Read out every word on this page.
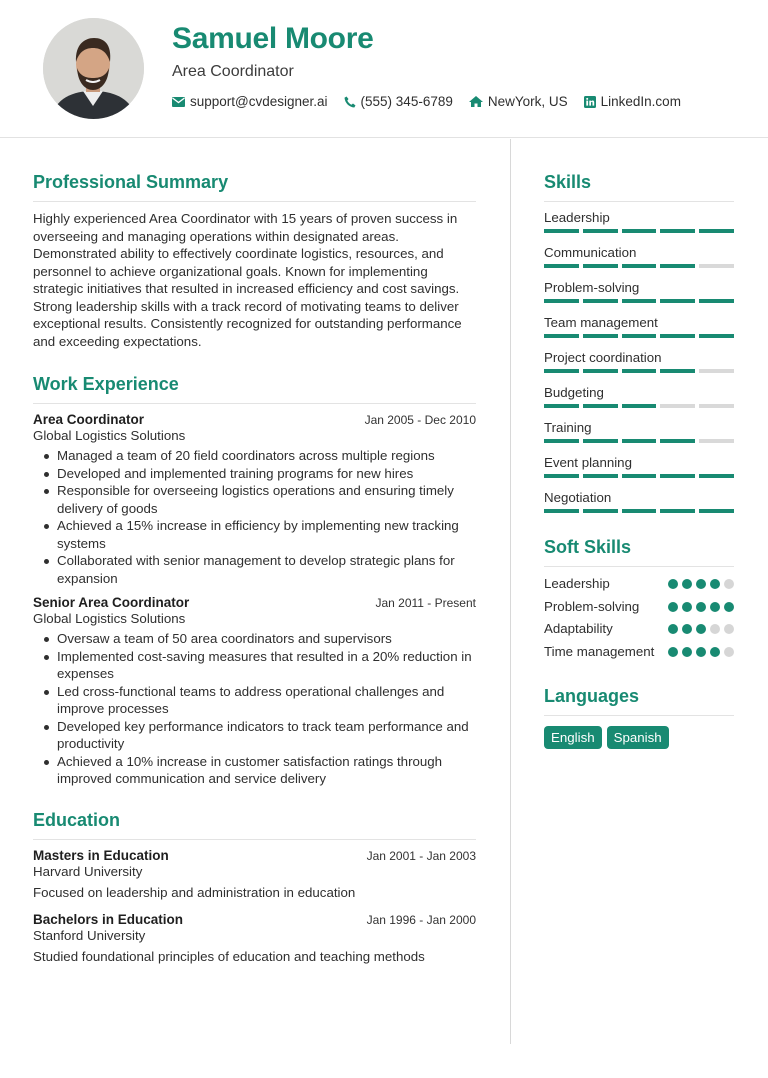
Samuel Moore
Area Coordinator
support@cvdesigner.ai (555) 345-6789	NewYork, US LinkedIn.com
Professional Summary

Highly experienced Area Coordinator with 15 years of proven success in overseeing and managing operations within designated areas. Demonstrated ability to effectively coordinate logistics, resources, and personnel to achieve organizational goals. Known for implementing strategic initiatives that resulted in increased efficiency and cost savings. Strong leadership skills with a track record of motivating teams to deliver exceptional results. Consistently recognized for outstanding performance and exceeding expectations.

Work Experience
Area Coordinator	Jan 2005 - Dec 2010
Global Logistics Solutions
Managed a team of 20 field coordinators across multiple regions
Developed and implemented training programs for new hires
Responsible for overseeing logistics operations and ensuring timely delivery of goods
Achieved a 15% increase in efficiency by implementing new tracking systems
Collaborated with senior management to develop strategic plans for expansion
Senior Area Coordinator	Jan 2011 - Present
Global Logistics Solutions
Oversaw a team of 50 area coordinators and supervisors
Implemented cost-saving measures that resulted in a 20% reduction in expenses
Led cross-functional teams to address operational challenges and improve processes
Developed key performance indicators to track team performance and productivity
Achieved a 10% increase in customer satisfaction ratings through improved communication and service delivery
Education
Masters in Education	Jan 2001 - Jan 2003
Harvard University
Focused on leadership and administration in education
Bachelors in Education	Jan 1996 - Jan 2000
Stanford University
Studied foundational principles of education and teaching methods
Skills
Leadership
Communication
Problem-solving
Team management
Project coordination
Budgeting
Training
Event planning
Negotiation
Soft Skills
Leadership
Problem-solving
Adaptability
Time management
Languages
English	Spanish
